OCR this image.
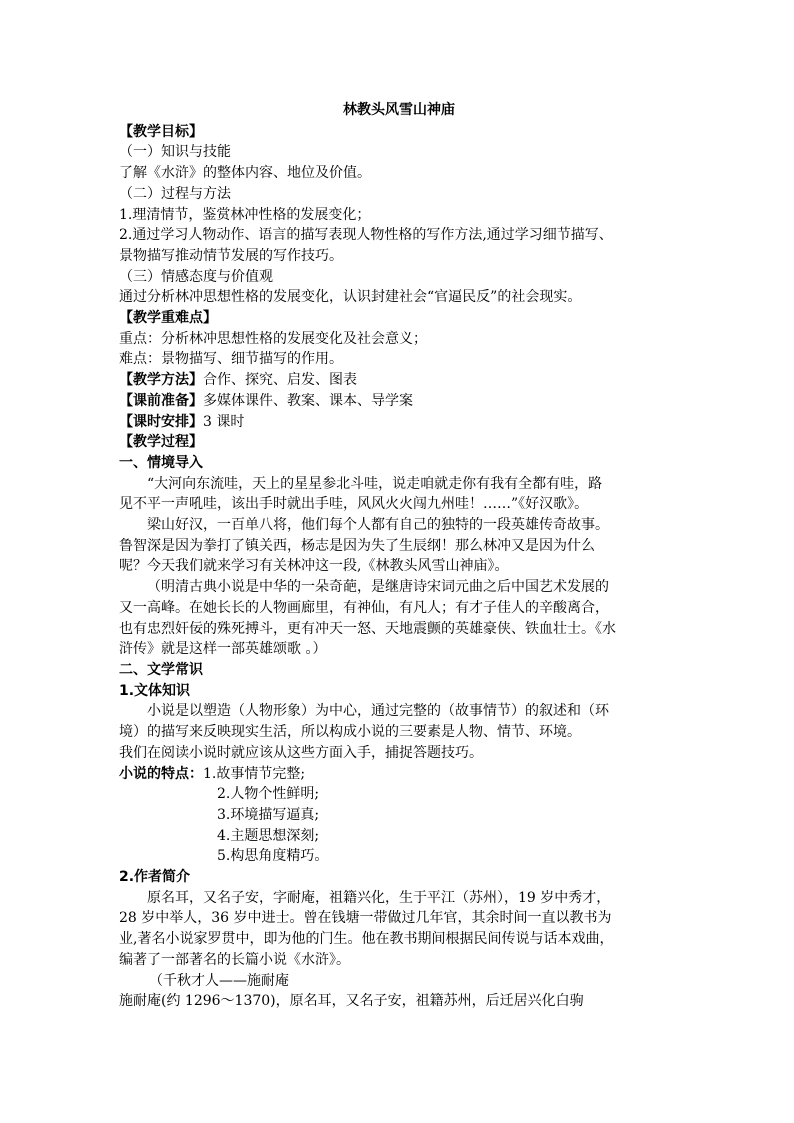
林教头风雪山神庙
【教学目标】
（一）知识与技能
了解《水浒》的整体内容、地位及价值。
（二）过程与方法
1.理清情节，鉴赏林冲性格的发展变化；
2.通过学习人物动作、语言的描写表现人物性格的写作方法,通过学习细节描写、
景物描写推动情节发展的写作技巧。
（三）情感态度与价值观
通过分析林冲思想性格的发展变化，认识封建社会“官逼民反”的社会现实。
【教学重难点】
重点：分析林冲思想性格的发展变化及社会意义；
难点：景物描写、细节描写的作用。
【教学方法】合作、探究、启发、图表
【课前准备】多媒体课件、教案、课本、导学案
【课时安排】3 课时
【教学过程】
一、情境导入
“大河向东流哇，天上的星星参北斗哇，说走咱就走你有我有全都有哇，路
见不平一声吼哇，该出手时就出手哇，风风火火闯九州哇！……”《好汉歌》。
梁山好汉，一百单八将，他们每个人都有自己的独特的一段英雄传奇故事。
鲁智深是因为拳打了镇关西，杨志是因为失了生辰纲！那么林冲又是因为什么
呢？今天我们就来学习有关林冲这一段,《林教头风雪山神庙》。
（明清古典小说是中华的一朵奇葩，是继唐诗宋词元曲之后中国艺术发展的
又一高峰。在她长长的人物画廊里，有神仙，有凡人；有才子佳人的辛酸离合，
也有忠烈奸佞的殊死搏斗，更有冲天一怒、天地震颤的英雄豪侠、铁血壮士。《水
浒传》就是这样一部英雄颂歌 。）
二、文学常识
1.文体知识
小说是以塑造（人物形象）为中心，通过完整的（故事情节）的叙述和（环
境）的描写来反映现实生活，所以构成小说的三要素是人物、情节、环境。
我们在阅读小说时就应该从这些方面入手，捕捉答题技巧。
小说的特点：1.故事情节完整;
2.人物个性鲜明;
3.环境描写逼真;
4.主题思想深刻;
5.构思角度精巧。
2.作者简介
原名耳，又名子安，字耐庵，祖籍兴化，生于平江（苏州），19 岁中秀才，
28 岁中举人，36 岁中进士。曾在钱塘一带做过几年官，其余时间一直以教书为
业,著名小说家罗贯中，即为他的门生。他在教书期间根据民间传说与话本戏曲，
编著了一部著名的长篇小说《水浒》。
（千秋才人——施耐庵
施耐庵(约 1296～1370)，原名耳，又名子安，祖籍苏州，后迁居兴化白驹
